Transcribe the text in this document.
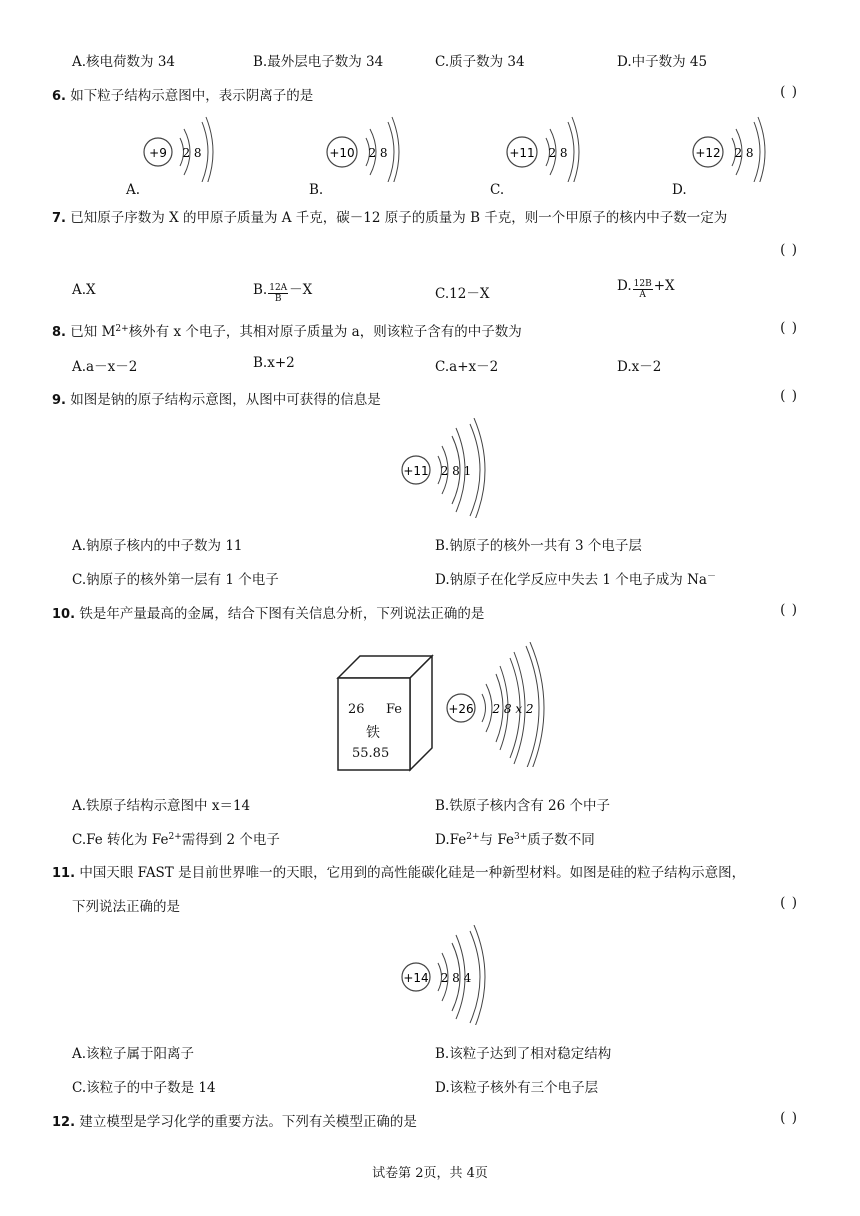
A.核电荷数为 34	B.最外层电子数为 34	C.质子数为 34	D.中子数为 45
6. 如下粒子结构示意图中，表示阴离子的是	( )
+9 2 8
A.
+10 2 8
B.
+11 2 8
C.
+12 2 8
D.
7. 已知原子序数为 X 的甲原子质量为 A 千克，碳－12 原子的质量为 B 千克，则一个甲原子的核内中子数一定为
( )
A.X	B. $\frac{12A}{B} -X$	C.12－X	D. $\frac{12B}{A} +X$
8. 已知 $M^{2+}$核外有 x 个电子，其相对原子质量为 a，则该粒子含有的中子数为	( )
A.a－x－2	B.x+2	C.a+x－2	D.x－2
9. 如图是钠的原子结构示意图，从图中可获得的信息是	( )
+11 2 8 1
A.钠原子核内的中子数为 11	B.钠原子的核外一共有 3 个电子层
C.钠原子的核外第一层有 1 个电子	D.钠原子在化学反应中失去 1 个电子成为 Na－
10. 铁是年产量最高的金属，结合下图有关信息分析，下列说法正确的是	( )
26 Fe
铁
55.85
+26 2 8 x 2
A.铁原子结构示意图中 x＝14	B.铁原子核内含有 26 个中子
C.Fe 转化为 $Fe^{2+}$需得到 2 个电子	$D.Fe^{2+}$与 $Fe^{3+}$质子数不同
11. 中国天眼 FAST 是目前世界唯一的天眼，它用到的高性能碳化硅是一种新型材料。如图是硅的粒子结构示意图，
下列说法正确的是	( )
+14 2 8 4
A.该粒子属于阳离子	B.该粒子达到了相对稳定结构
C.该粒子的中子数是 14	D.该粒子核外有三个电子层
12. 建立模型是学习化学的重要方法。下列有关模型正确的是	( )
试卷第 2页，共 4页
